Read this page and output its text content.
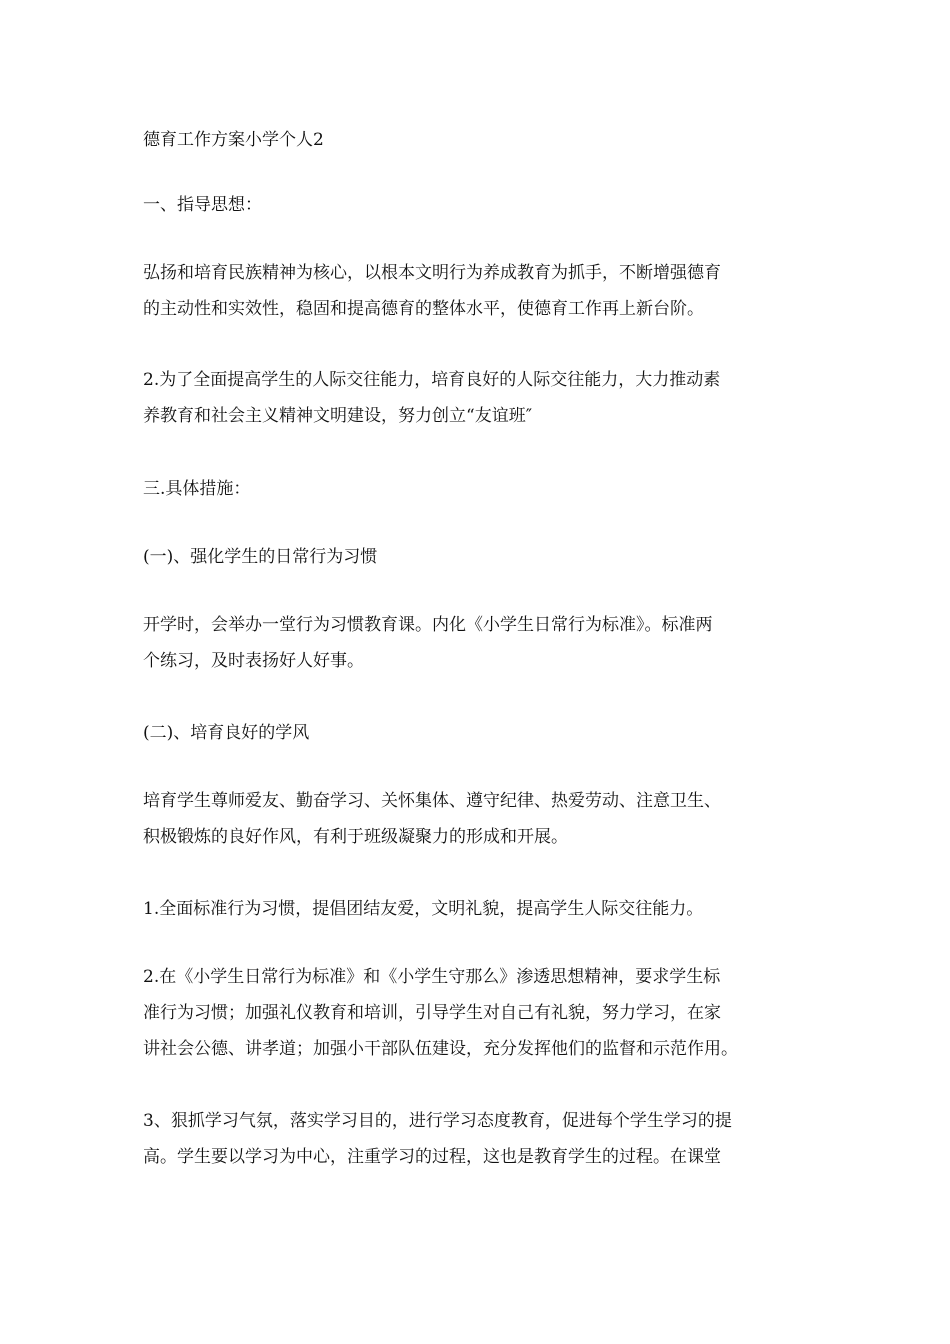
德育工作方案小学个人2

一、指导思想：

弘扬和培育民族精神为核心，以根本文明行为养成教育为抓手，不断增强德育
的主动性和实效性，稳固和提高德育的整体水平，使德育工作再上新台阶。

2.为了全面提高学生的人际交往能力，培育良好的人际交往能力，大力推动素
养教育和社会主义精神文明建设，努力创立“友谊班″

三.具体措施：

(一)、强化学生的日常行为习惯

开学时，会举办一堂行为习惯教育课。内化《小学生日常行为标准》。标准两
个练习，及时表扬好人好事。

(二)、培育良好的学风

培育学生尊师爱友、勤奋学习、关怀集体、遵守纪律、热爱劳动、注意卫生、
积极锻炼的良好作风，有利于班级凝聚力的形成和开展。

1.全面标准行为习惯，提倡团结友爱，文明礼貌，提高学生人际交往能力。

2.在《小学生日常行为标准》和《小学生守那么》渗透思想精神，要求学生标
准行为习惯；加强礼仪教育和培训，引导学生对自己有礼貌，努力学习，在家
讲社会公德、讲孝道；加强小干部队伍建设，充分发挥他们的监督和示范作用。

3、狠抓学习气氛，落实学习目的，进行学习态度教育，促进每个学生学习的提
高。学生要以学习为中心，注重学习的过程，这也是教育学生的过程。在课堂
